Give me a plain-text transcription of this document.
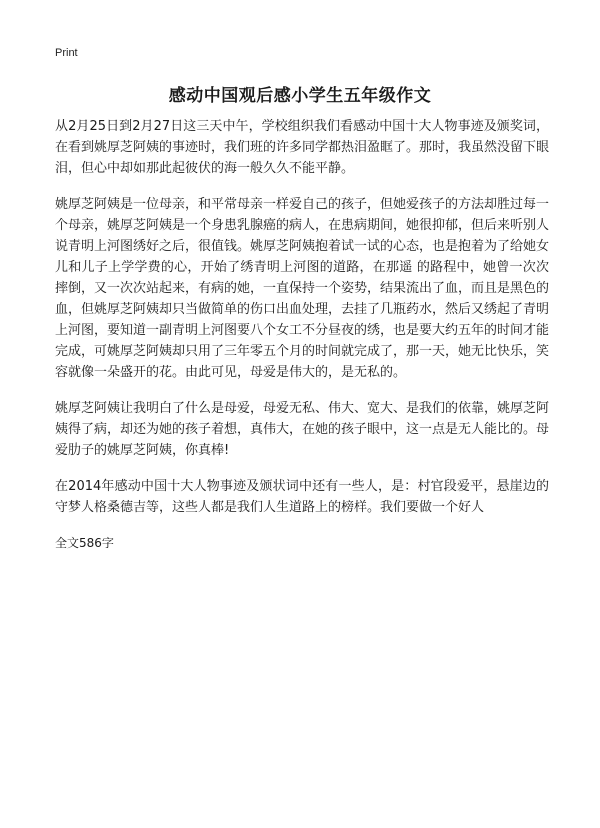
Print
感动中国观后感小学生五年级作文

从2月25日到2月27日这三天中午，学校组织我们看感动中国十大人物事迹及颁奖词，在看到姚厚芝阿姨的事迹时，我们班的许多同学都热泪盈眶了。那时，我虽然没留下眼泪，但心中却如那此起彼伏的海一般久久不能平静。

姚厚芝阿姨是一位母亲，和平常母亲一样爱自己的孩子，但她爱孩子的方法却胜过每一个母亲，姚厚芝阿姨是一个身患乳腺癌的病人，在患病期间，她很抑郁，但后来听别人说青明上河图绣好之后，很值钱。姚厚芝阿姨抱着试一试的心态，也是抱着为了给她女儿和儿子上学学费的心，开始了绣青明上河图的道路，在那遥 的路程中，她曾一次次摔倒，又一次次站起来，有病的她，一直保持一个姿势，结果流出了血，而且是黑色的血，但姚厚芝阿姨却只当做简单的伤口出血处理，去挂了几瓶药水，然后又绣起了青明上河图，要知道一副青明上河图要八个女工不分昼夜的绣，也是要大约五年的时间才能完成，可姚厚芝阿姨却只用了三年零五个月的时间就完成了，那一天，她无比快乐，笑容就像一朵盛开的花。由此可见，母爱是伟大的，是无私的。

姚厚芝阿姨让我明白了什么是母爱，母爱无私、伟大、宽大、是我们的依靠，姚厚芝阿姨得了病，却还为她的孩子着想，真伟大，在她的孩子眼中，这一点是无人能比的。母爱肋子的姚厚芝阿姨，你真棒!

在2014年感动中国十大人物事迹及颁状词中还有一些人，是：村官段爱平，悬崖边的守梦人格桑德吉等，这些人都是我们人生道路上的榜样。我们要做一个好人

全文586字
